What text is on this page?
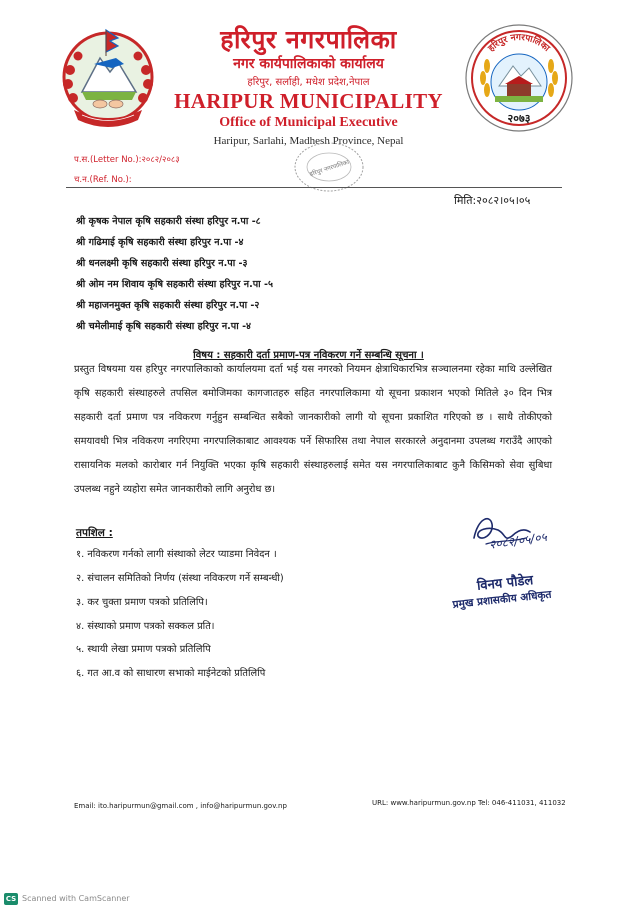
हरिपुर नगरपालिका
नगर कार्यपालिकाको कार्यालय
हरिपुर, सर्लाही, मधेश प्रदेश,नेपाल
HARIPUR MUNICIPALITY
Office of Municipal Executive
Haripur, Sarlahi, Madhesh Province, Nepal
हरिपुर नगरपालिका
२०७३
प.स.(Letter No.):२०८२/२०८३
च.न.(Ref. No.):
हरिपुर नगरपालिका
मिति:२०८२।०५।०५
श्री कृषक नेपाल कृषि सहकारी संस्था हरिपुर न.पा -८
श्री गढिमाई कृषि सहकारी संस्था हरिपुर न.पा -४
श्री धनलक्ष्मी कृषि सहकारी संस्था हरिपुर न.पा -३
श्री ओम नम शिवाय कृषि सहकारी संस्था हरिपुर न.पा -५
श्री महाजनमुक्त कृषि सहकारी संस्था हरिपुर न.पा -२
श्री चमेलीमाई कृषि सहकारी संस्था हरिपुर न.पा -४
विषय : सहकारी दर्ता प्रमाण-पत्र नविकरण गर्ने सम्बन्धि सूचना ।
प्रस्तुत विषयमा यस हरिपुर नगरपालिकाको कार्यालयमा दर्ता भई यस नगरको नियमन क्षेत्राधिकारभित्र सञ्चालनमा रहेका माथि उल्लेखित कृषि सहकारी संस्थाहरुले तपसिल बमोजिमका कागजातहरु सहित नगरपालिकामा यो सूचना प्रकाशन भएको मितिले ३० दिन भित्र सहकारी दर्ता प्रमाण पत्र नविकरण गर्नुहुन सम्बन्धित सबैको जानकारीको लागी यो सूचना प्रकाशित गरिएको छ । साथै तोकीएको समयावधी भित्र नविकरण नगरिएमा नगरपालिकाबाट आवश्यक पर्ने सिफारिस तथा नेपाल सरकारले अनुदानमा उपलब्ध गराउँदै आएको रासायनिक मलको कारोबार गर्न नियुक्ति भएका कृषि सहकारी संस्थाहरुलाई समेत यस नगरपालिकाबाट कुनै किसिमको सेवा सुबिधा उपलब्ध नहुने व्यहोरा समेत जानकारीको लागि अनुरोध छ।
तपशिल :
१. नविकरण गर्नको लागी संस्थाको लेटर प्याडमा निवेदन ।
२. संचालन समितिको निर्णय (संस्था नविकरण गर्ने सम्बन्धी)
३. कर चुक्ता प्रमाण पत्रको प्रतिलिपि।
४. संस्थाको प्रमाण पत्रको सक्कल प्रति।
५. स्थायी लेखा प्रमाण पत्रको प्रतिलिपि
६. गत आ.व को साधारण सभाको माईनेटको प्रतिलिपि
२०८२/०५/०५
विनय पौडेल
प्रमुख प्रशासकीय अधिकृत
Email: ito.haripurmun@gmail.com , info@haripurmun.gov.np	URL: www.haripurmun.gov.np Tel: 046-411031, 411032
CS Scanned with CamScanner
